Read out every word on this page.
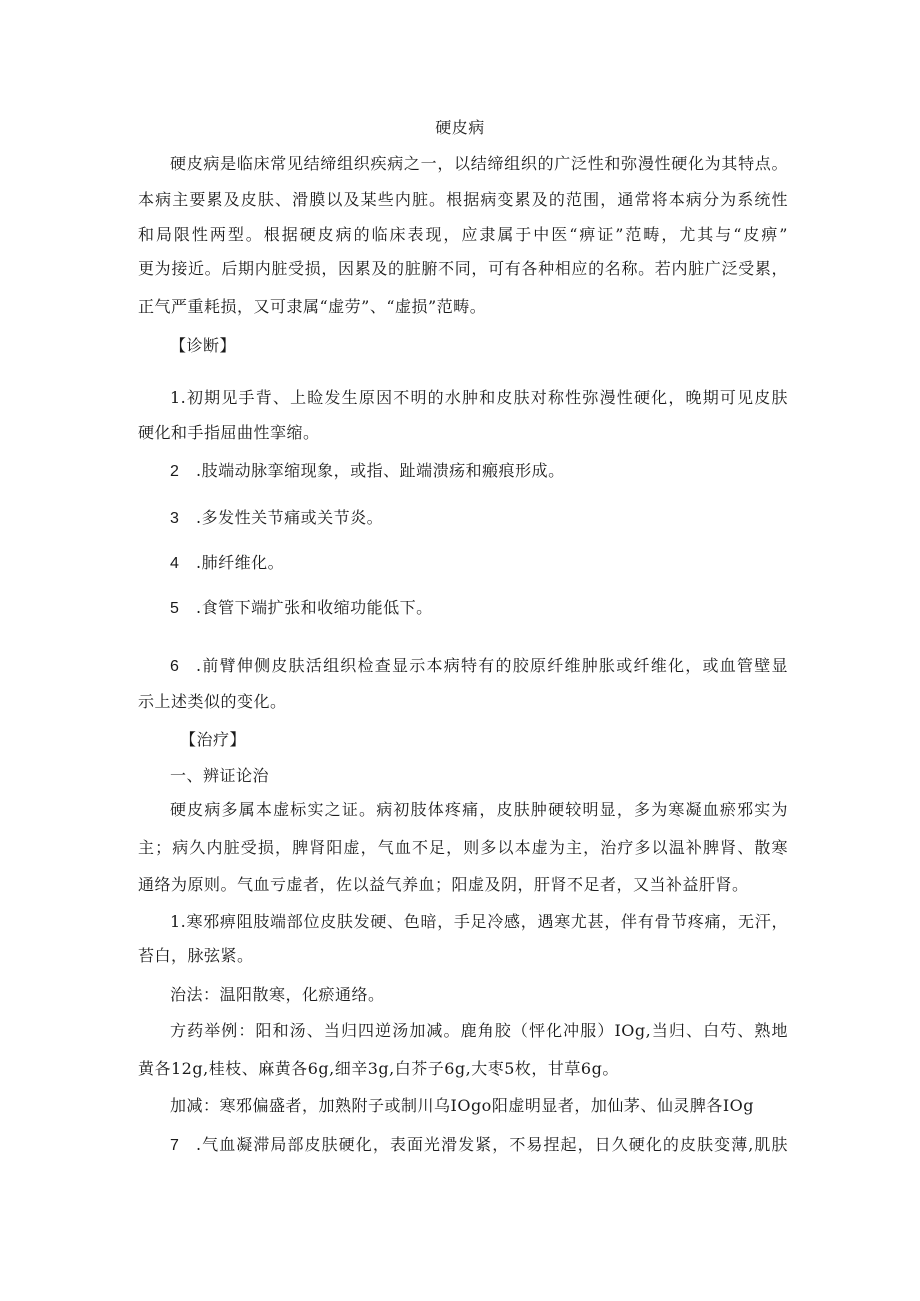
硬皮病
硬皮病是临床常见结缔组织疾病之一，以结缔组织的广泛性和弥漫性硬化为其特点。
本病主要累及皮肤、滑膜以及某些内脏。根据病变累及的范围，通常将本病分为系统性
和局限性两型。根据硬皮病的临床表现，应隶属于中医“痹证”范畴，尤其与“皮痹”
更为接近。后期内脏受损，因累及的脏腑不同，可有各种相应的名称。若内脏广泛受累，
正气严重耗损，又可隶属“虚劳”、“虚损”范畴。
【诊断】
1.初期见手背、上睑发生原因不明的水肿和皮肤对称性弥漫性硬化，晚期可见皮肤
硬化和手指屈曲性挛缩。
2 .肢端动脉挛缩现象，或指、趾端溃疡和瘢痕形成。
3 .多发性关节痛或关节炎。
4 .肺纤维化。
5 .食管下端扩张和收缩功能低下。
6 .前臂伸侧皮肤活组织检查显示本病特有的胶原纤维肿胀或纤维化，或血管壁显
示上述类似的变化。
【治疗】
一、辨证论治
硬皮病多属本虚标实之证。病初肢体疼痛，皮肤肿硬较明显，多为寒凝血瘀邪实为
主；病久内脏受损，脾肾阳虚，气血不足，则多以本虚为主，治疗多以温补脾肾、散寒
通络为原则。气血亏虚者，佐以益气养血；阳虚及阴，肝肾不足者，又当补益肝肾。
1.寒邪痹阻肢端部位皮肤发硬、色暗，手足冷感，遇寒尤甚，伴有骨节疼痛，无汗，
苔白，脉弦紧。
治法：温阳散寒，化瘀通络。
方药举例：阳和汤、当归四逆汤加减。鹿角胶（怦化冲服）IOg,当归、白芍、熟地
黄各12g,桂枝、麻黄各6g,细辛3g,白芥子6g,大枣5枚，甘草6g。
加减：寒邪偏盛者，加熟附子或制川乌IOgo阳虚明显者，加仙茅、仙灵脾各IOg
7 .气血凝滞局部皮肤硬化，表面光滑发紧，不易捏起，日久硬化的皮肤变薄,肌肤
